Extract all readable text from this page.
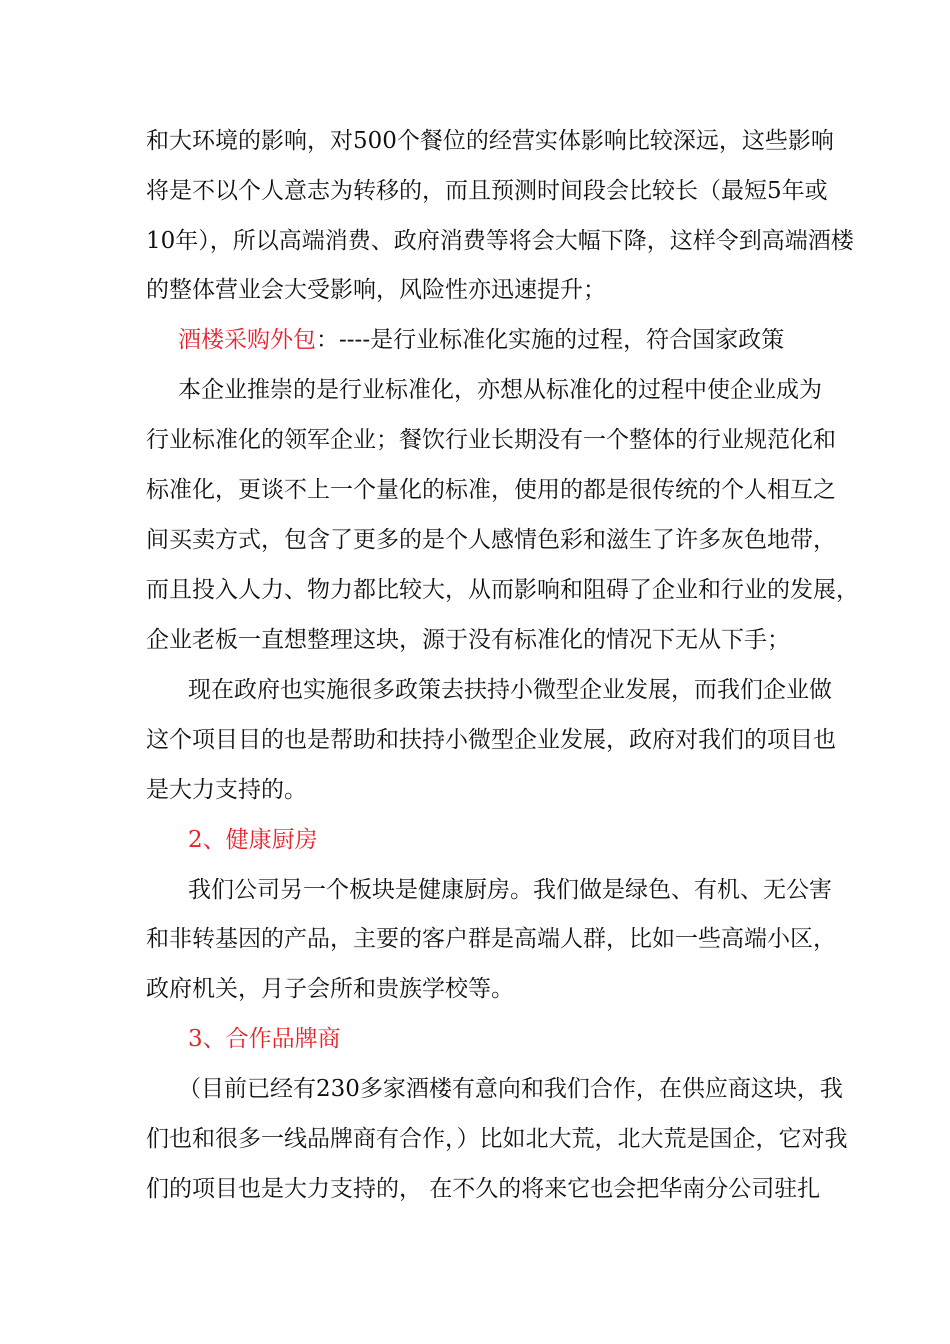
和大环境的影响，对500个餐位的经营实体影响比较深远，这些影响
将是不以个人意志为转移的，而且预测时间段会比较长（最短5年或
10年），所以高端消费、政府消费等将会大幅下降，这样令到高端酒楼
的整体营业会大受影响，风险性亦迅速提升；
酒楼采购外包：----是行业标准化实施的过程，符合国家政策
本企业推崇的是行业标准化，亦想从标准化的过程中使企业成为
行业标准化的领军企业；餐饮行业长期没有一个整体的行业规范化和
标准化，更谈不上一个量化的标准，使用的都是很传统的个人相互之
间买卖方式，包含了更多的是个人感情色彩和滋生了许多灰色地带，
而且投入人力、物力都比较大，从而影响和阻碍了企业和行业的发展，
企业老板一直想整理这块，源于没有标准化的情况下无从下手；
现在政府也实施很多政策去扶持小微型企业发展，而我们企业做
这个项目目的也是帮助和扶持小微型企业发展，政府对我们的项目也
是大力支持的。
2、健康厨房
我们公司另一个板块是健康厨房。我们做是绿色、有机、无公害
和非转基因的产品，主要的客户群是高端人群，比如一些高端小区，
政府机关，月子会所和贵族学校等。
3、合作品牌商
（目前已经有230多家酒楼有意向和我们合作，在供应商这块，我
们也和很多一线品牌商有合作，）比如北大荒，北大荒是国企，它对我
们的项目也是大力支持的， 在不久的将来它也会把华南分公司驻扎
